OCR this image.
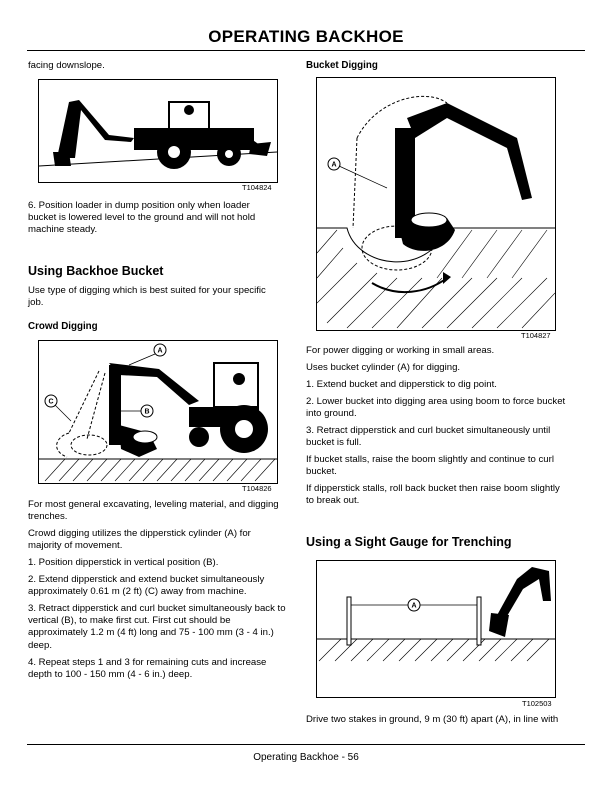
OPERATING BACKHOE
facing downslope.
T104824
6. Position loader in dump position only when loader bucket is lowered level to the ground and will not hold machine steady.
Using Backhoe Bucket
Use type of digging which is best suited for your specific job.
Crowd Digging
A
C
B
T104826
For most general excavating, leveling material, and digging trenches.
Crowd digging utilizes the dipperstick cylinder (A) for majority of movement.
1. Position dipperstick in vertical position (B).
2. Extend dipperstick and extend bucket simultaneously approximately 0.61 m (2 ft) (C) away from machine.
3. Retract dipperstick and curl bucket simultaneously back to vertical (B), to make first cut. First cut should be approximately 1.2 m (4 ft) long and 75 - 100 mm (3 - 4 in.) deep.
4. Repeat steps 1 and 3 for remaining cuts and increase depth to 100 - 150 mm (4 - 6 in.) deep.
Bucket Digging
A
T104827
For power digging or working in small areas.
Uses bucket cylinder (A) for digging.
1. Extend bucket and dipperstick to dig point.
2. Lower bucket into digging area using boom to force bucket into ground.
3. Retract dipperstick and curl bucket simultaneously until bucket is full.
If bucket stalls, raise the boom slightly and continue to curl bucket.
If dipperstick stalls, roll back bucket then raise boom slightly to break out.
Using a Sight Gauge for Trenching
A
T102503
Drive two stakes in ground, 9 m (30 ft) apart (A), in line with
Operating Backhoe - 56
